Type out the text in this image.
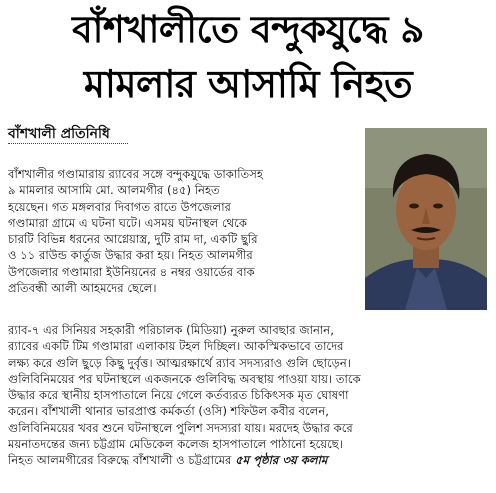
বাঁশখালীতে বন্দুকযুদ্ধে ৯
মামলার আসামি নিহত
বাঁশখালী প্রতিনিধি
বাঁশখালীর গণ্ডামারায় র‍্যাবের সঙ্গে বন্দুকযুদ্ধে ডাকাতিসহ
৯ মামলার আসামি মো. আলমগীর (৪৫) নিহত
হয়েছেন। গত মঙ্গলবার দিবাগত রাতে উপজেলার
গণ্ডামারা গ্রামে এ ঘটনা ঘটে। এসময় ঘটনাস্থল থেকে
চারটি বিভিন্ন ধরনের আগ্নেয়াস্ত্র, দুটি রাম দা, একটি ছুরি
ও ১১ রাউন্ড কার্তুজ উদ্ধার করা হয়। নিহত আলমগীর
উপজেলার গণ্ডামারা ইউনিয়নের ৪ নম্বর ওয়ার্ডের বাক
প্রতিবন্ধী আলী আহমদের ছেলে।
র‍্যাব-৭ এর সিনিয়র সহকারী পরিচালক (মিডিয়া) নুরুল আবছার জানান,
র‍্যাবের একটি টিম গণ্ডামারা এলাকায় টহল দিচ্ছিল। আকস্মিকভাবে তাদের
লক্ষ্য করে গুলি ছুড়ে কিছু দুর্বৃত্ত। আত্মরক্ষার্থে র‍্যাব সদস্যরাও গুলি ছোড়েন।
গুলিবিনিময়ের পর ঘটনাস্থলে একজনকে গুলিবিদ্ধ অবস্থায় পাওয়া যায়। তাকে
উদ্ধার করে স্থানীয় হাসপাতালে নিয়ে গেলে কর্তব্যরত চিকিৎসক মৃত ঘোষণা
করেন। বাঁশখালী থানার ভারপ্রাপ্ত কর্মকর্তা (ওসি) শফিউল কবীর বলেন,
গুলিবিনিময়ের খবর শুনে ঘটনাস্থলে পুলিশ সদস্যরা যায়। মরদেহ উদ্ধার করে
ময়নাতদন্তের জন্য চট্টগ্রাম মেডিকেল কলেজ হাসপাতালে পাঠানো হয়েছে।
নিহত আলমগীরের বিরুদ্ধে বাঁশখালী ও চট্টগ্রামের ৫ম পৃষ্ঠার ৩য় কলাম
